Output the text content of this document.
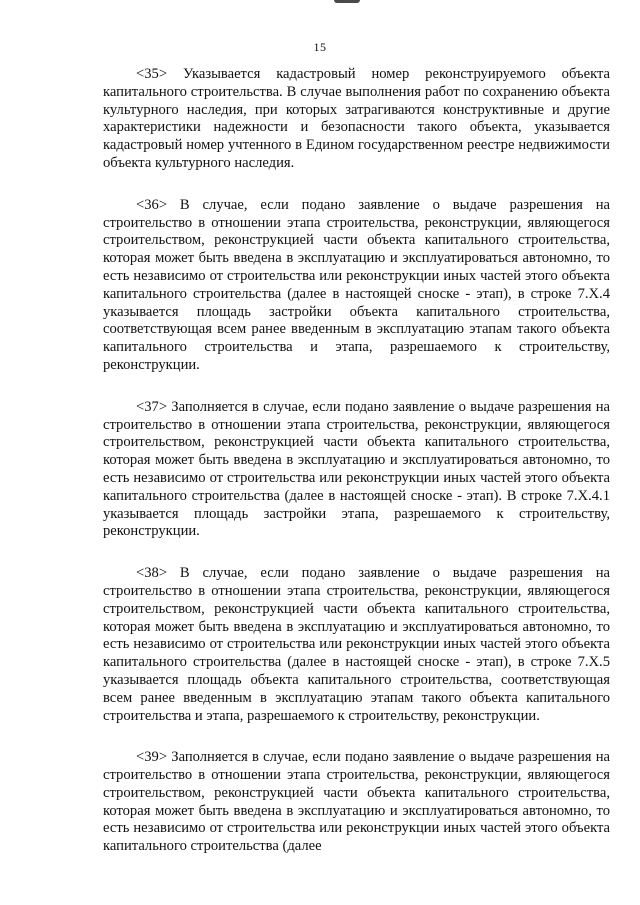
15

<35> Указывается кадастровый номер реконструируемого объекта капитального строительства. В случае выполнения работ по сохранению объекта культурного наследия, при которых затрагиваются конструктивные и другие характеристики надежности и безопасности такого объекта, указывается кадастровый номер учтенного в Едином государственном реестре недвижимости объекта культурного наследия.

<36> В случае, если подано заявление о выдаче разрешения на строительство в отношении этапа строительства, реконструкции, являющегося строительством, реконструкцией части объекта капитального строительства, которая может быть введена в эксплуатацию и эксплуатироваться автономно, то есть независимо от строительства или реконструкции иных частей этого объекта капитального строительства (далее в настоящей сноске - этап), в строке 7.X.4 указывается площадь застройки объекта капитального строительства, соответствующая всем ранее введенным в эксплуатацию этапам такого объекта капитального строительства и этапа, разрешаемого к строительству, реконструкции.

<37> Заполняется в случае, если подано заявление о выдаче разрешения на строительство в отношении этапа строительства, реконструкции, являющегося строительством, реконструкцией части объекта капитального строительства, которая может быть введена в эксплуатацию и эксплуатироваться автономно, то есть независимо от строительства или реконструкции иных частей этого объекта капитального строительства (далее в настоящей сноске - этап). В строке 7.X.4.1 указывается площадь застройки этапа, разрешаемого к строительству, реконструкции.

<38> В случае, если подано заявление о выдаче разрешения на строительство в отношении этапа строительства, реконструкции, являющегося строительством, реконструкцией части объекта капитального строительства, которая может быть введена в эксплуатацию и эксплуатироваться автономно, то есть независимо от строительства или реконструкции иных частей этого объекта капитального строительства (далее в настоящей сноске - этап), в строке 7.X.5 указывается площадь объекта капитального строительства, соответствующая всем ранее введенным в эксплуатацию этапам такого объекта капитального строительства и этапа, разрешаемого к строительству, реконструкции.

<39> Заполняется в случае, если подано заявление о выдаче разрешения на строительство в отношении этапа строительства, реконструкции, являющегося строительством, реконструкцией части объекта капитального строительства, которая может быть введена в эксплуатацию и эксплуатироваться автономно, то есть независимо от строительства или реконструкции иных частей этого объекта капитального строительства (далее
